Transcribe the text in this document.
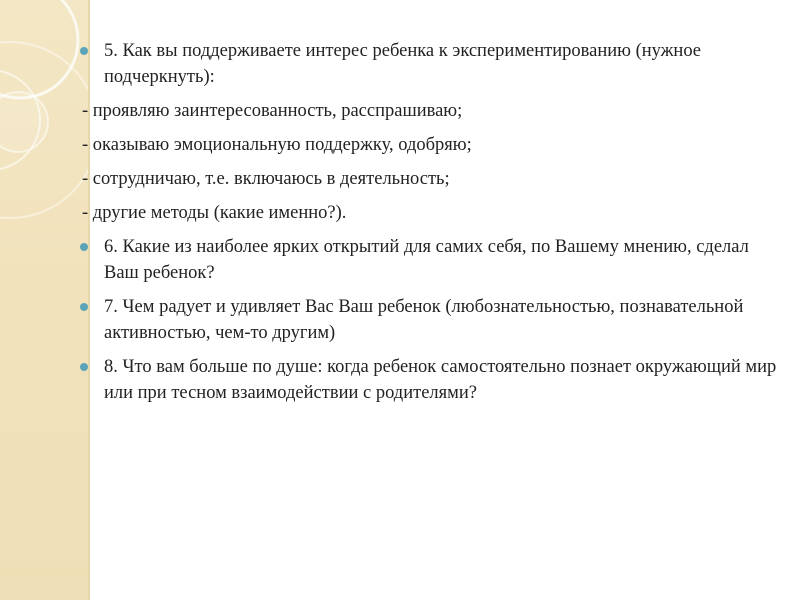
5. Как вы поддерживаете интерес ребенка к экспериментированию (нужное подчеркнуть):
- проявляю заинтересованность, расспрашиваю;
- оказываю эмоциональную поддержку, одобряю;
- сотрудничаю, т.е. включаюсь в деятельность;
- другие методы (какие именно?).
6. Какие из наиболее ярких открытий для самих себя, по Вашему мнению, сделал Ваш ребенок?
7. Чем радует и удивляет Вас Ваш ребенок (любознательностью, познавательной активностью, чем-то другим)
8. Что вам больше по душе: когда ребенок самостоятельно познает окружающий мир или при тесном взаимодействии с родителями?
